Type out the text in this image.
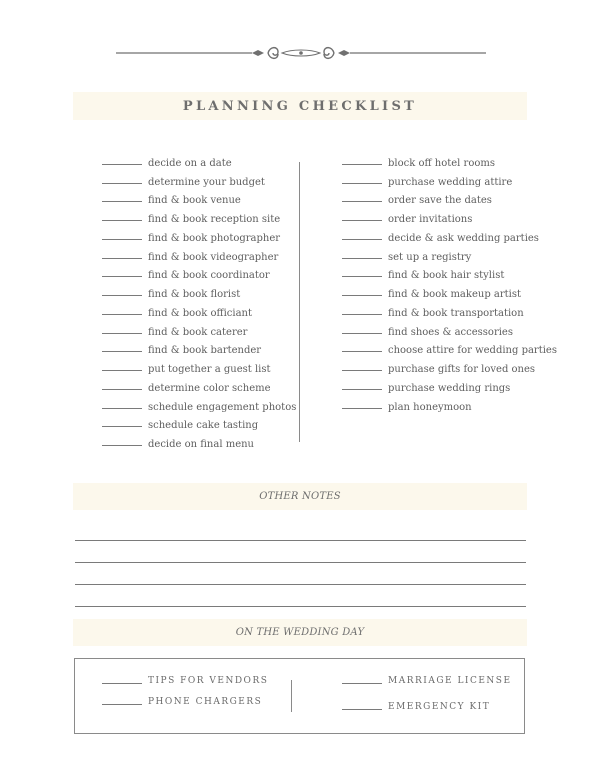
PLANNING CHECKLIST
decide on a date
determine your budget
find & book venue
find & book reception site
find & book photographer
find & book videographer
find & book coordinator
find & book florist
find & book officiant
find & book caterer
find & book bartender
put together a guest list
determine color scheme
schedule engagement photos
schedule cake tasting
decide on final menu
block off hotel rooms
purchase wedding attire
order save the dates
order invitations
decide & ask wedding parties
set up a registry
find & book hair stylist
find & book makeup artist
find & book transportation
find shoes & accessories
choose attire for wedding parties
purchase gifts for loved ones
purchase wedding rings
plan honeymoon
OTHER NOTES
ON THE WEDDING DAY
TIPS FOR VENDORS
PHONE CHARGERS
MARRIAGE LICENSE
EMERGENCY KIT
